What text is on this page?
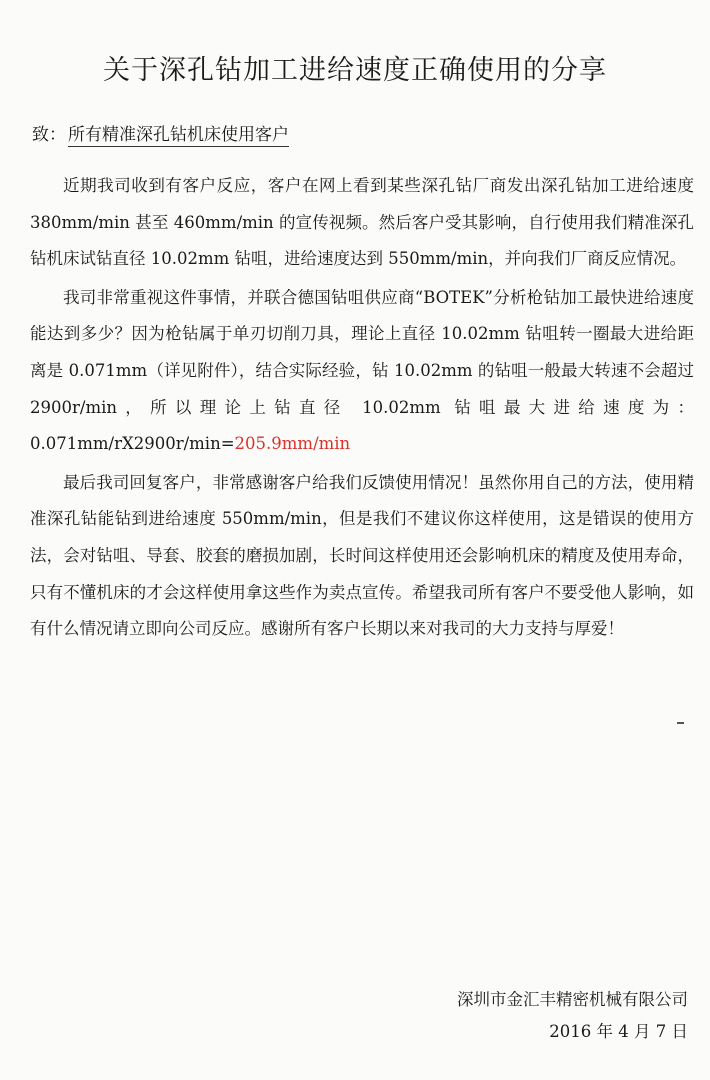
关于深孔钻加工进给速度正确使用的分享
致： 所有精准深孔钻机床使用客户

近期我司收到有客户反应，客户在网上看到某些深孔钻厂商发出深孔钻加工进给速度 380mm/min 甚至 460mm/min 的宣传视频。然后客户受其影响，自行使用我们精准深孔钻机床试钻直径 10.02mm 钻咀，进给速度达到 550mm/min，并向我们厂商反应情况。

我司非常重视这件事情，并联合德国钻咀供应商“BOTEK”分析枪钻加工最快进给速度能达到多少？因为枪钻属于单刃切削刀具，理论上直径 10.02mm 钻咀转一圈最大进给距离是 0.071mm（详见附件），结合实际经验，钻 10.02mm 的钻咀一般最大转速不会超过 2900r/min，所以理论上钻直径 10.02mm 钻咀最大进给速度为：0.071mm/rX2900r/min=205.9mm/min

最后我司回复客户，非常感谢客户给我们反馈使用情况！虽然你用自己的方法，使用精准深孔钻能钻到进给速度 550mm/min，但是我们不建议你这样使用，这是错误的使用方法，会对钻咀、导套、胶套的磨损加剧，长时间这样使用还会影响机床的精度及使用寿命，只有不懂机床的才会这样使用拿这些作为卖点宣传。希望我司所有客户不要受他人影响，如有什么情况请立即向公司反应。感谢所有客户长期以来对我司的大力支持与厚爱！

深圳市金汇丰精密机械有限公司
2016 年 4 月 7 日
